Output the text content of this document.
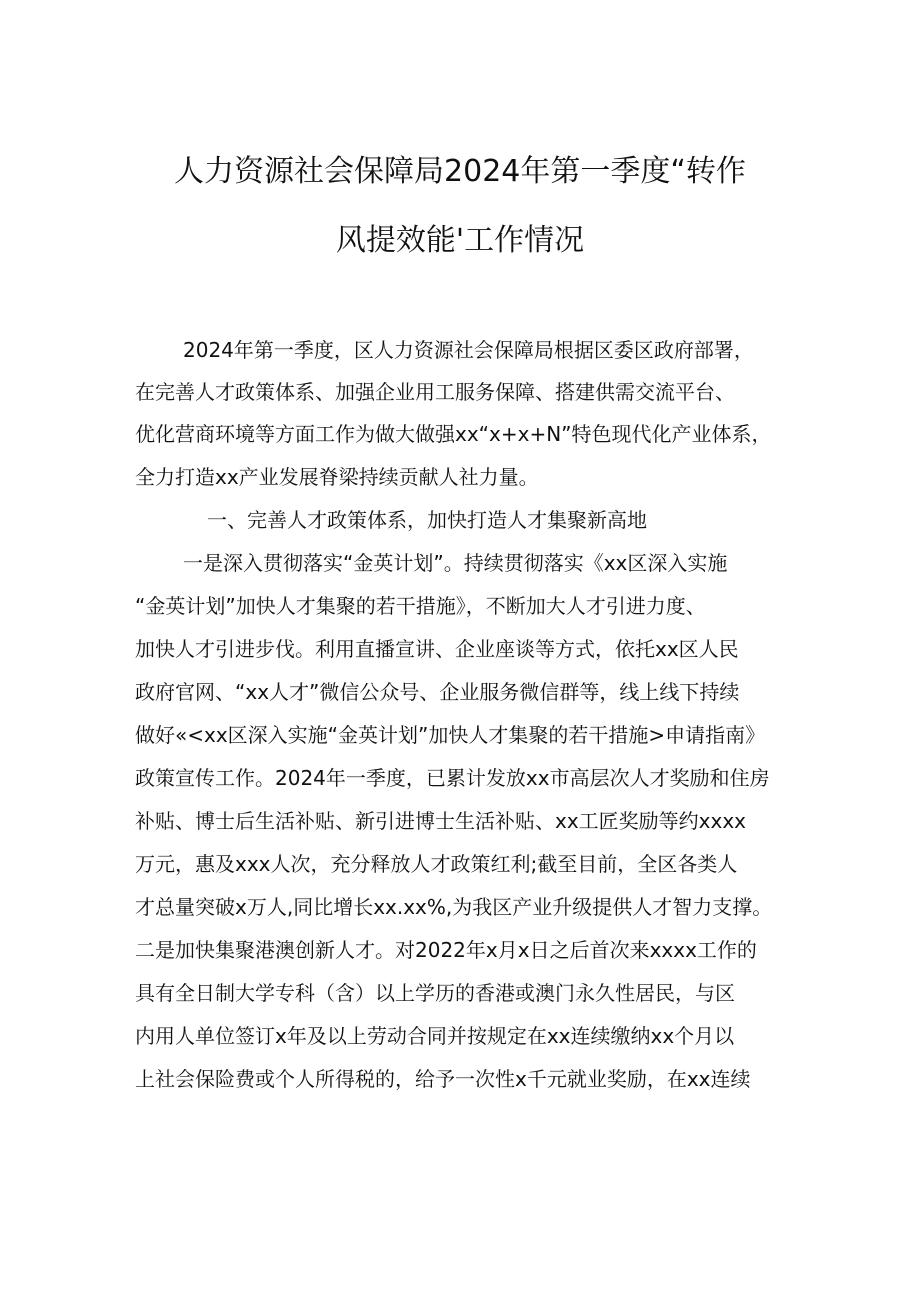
人力资源社会保障局2024年第一季度“转作
风提效能'工作情况
2024年第一季度，区人力资源社会保障局根据区委区政府部署，
在完善人才政策体系、加强企业用工服务保障、搭建供需交流平台、
优化营商环境等方面工作为做大做强xx“x+x+N”特色现代化产业体系，
全力打造xx产业发展脊梁持续贡献人社力量。
一、完善人才政策体系，加快打造人才集聚新高地
一是深入贯彻落实“金英计划”。持续贯彻落实《xx区深入实施
“金英计划”加快人才集聚的若干措施》，不断加大人才引进力度、
加快人才引进步伐。利用直播宣讲、企业座谈等方式，依托xx区人民
政府官网、“xx人才”微信公众号、企业服务微信群等，线上线下持续
做好«<xx区深入实施“金英计划”加快人才集聚的若干措施>申请指南》
政策宣传工作。2024年一季度，已累计发放xx市高层次人才奖励和住房
补贴、博士后生活补贴、新引进博士生活补贴、xx工匠奖励等约xxxx
万元，惠及xxx人次，充分释放人才政策红利;截至目前，全区各类人
才总量突破x万人,同比增长xx.xx%,为我区产业升级提供人才智力支撑。
二是加快集聚港澳创新人才。对2022年x月x日之后首次来xxxx工作的
具有全日制大学专科（含）以上学历的香港或澳门永久性居民，与区
内用人单位签订x年及以上劳动合同并按规定在xx连续缴纳xx个月以
上社会保险费或个人所得税的，给予一次性x千元就业奖励，在xx连续
